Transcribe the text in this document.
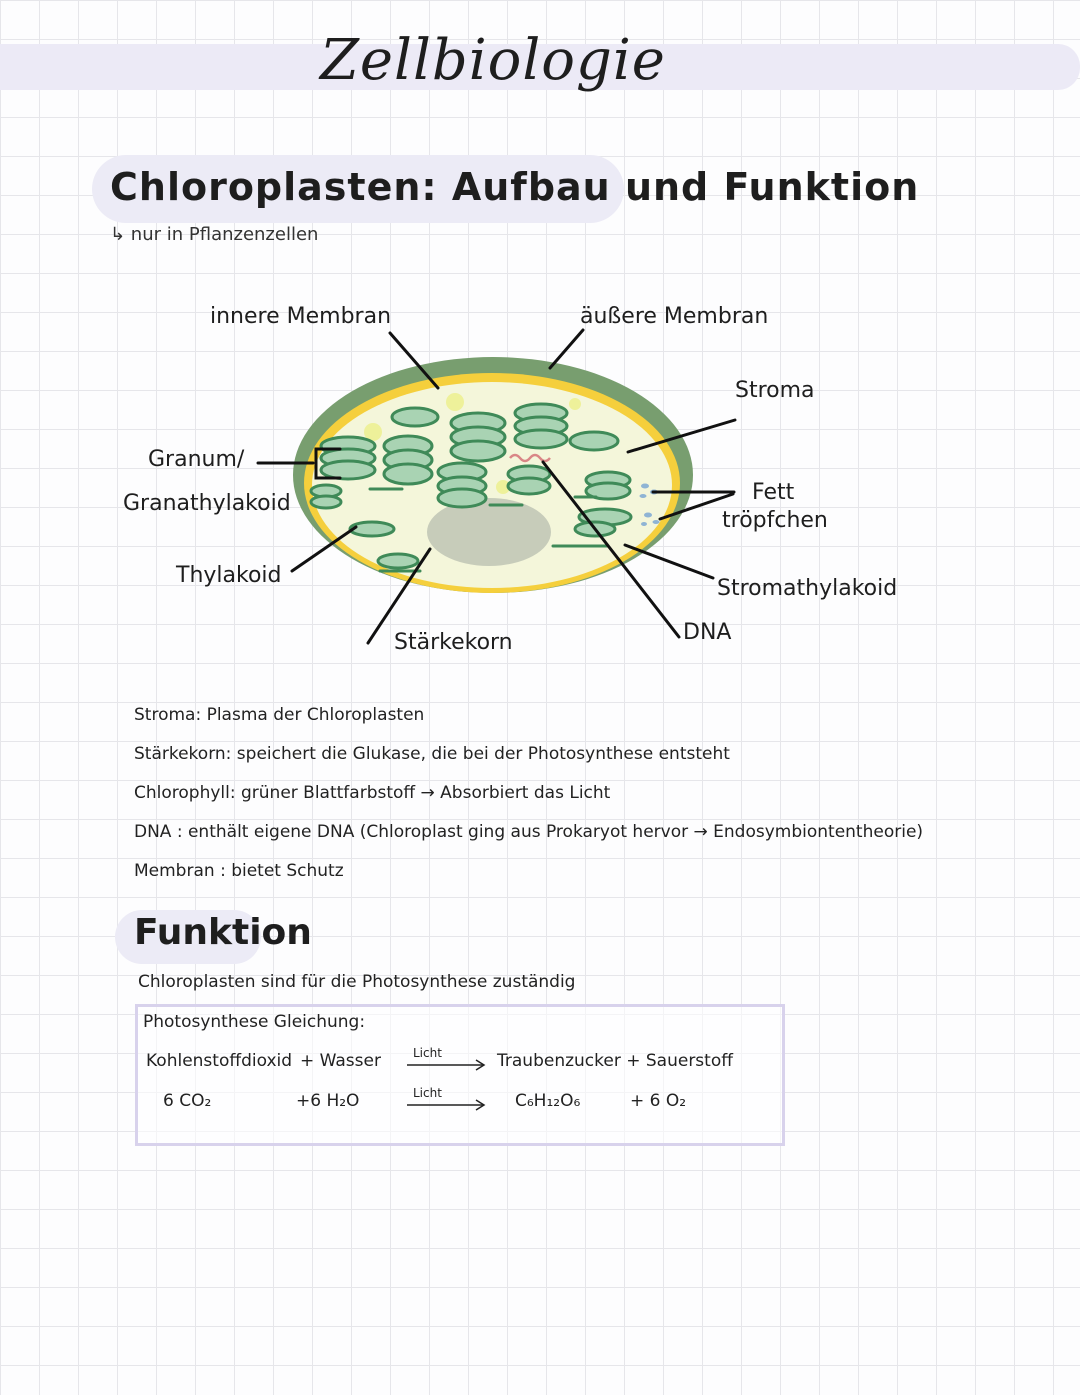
Zellbiologie
Chloroplasten: Aufbau und Funktion
↳ nur in Pflanzenzellen
innere Membran	äußere Membran
Stroma
Granum/
Granathylakoid	Fett
tröpfchen
Thylakoid
Stromathylakoid
DNA
Stärkekorn
Stroma: Plasma der Chloroplasten
Stärkekorn: speichert die Glukase, die bei der Photosynthese entsteht
Chlorophyll: grüner Blattfarbstoff → Absorbiert das Licht
DNA : enthält eigene DNA (Chloroplast ging aus Prokaryot hervor → Endosymbiontentheorie)
Membran : bietet Schutz
Funktion
Chloroplasten sind für die Photosynthese zuständig
Photosynthese Gleichung:
Kohlenstoffdioxid + Wasser	Licht	Traubenzucker + Sauerstoff
6 CO₂	+6 H₂O	Licht	C₆H₁₂O₆	+ 6 O₂
